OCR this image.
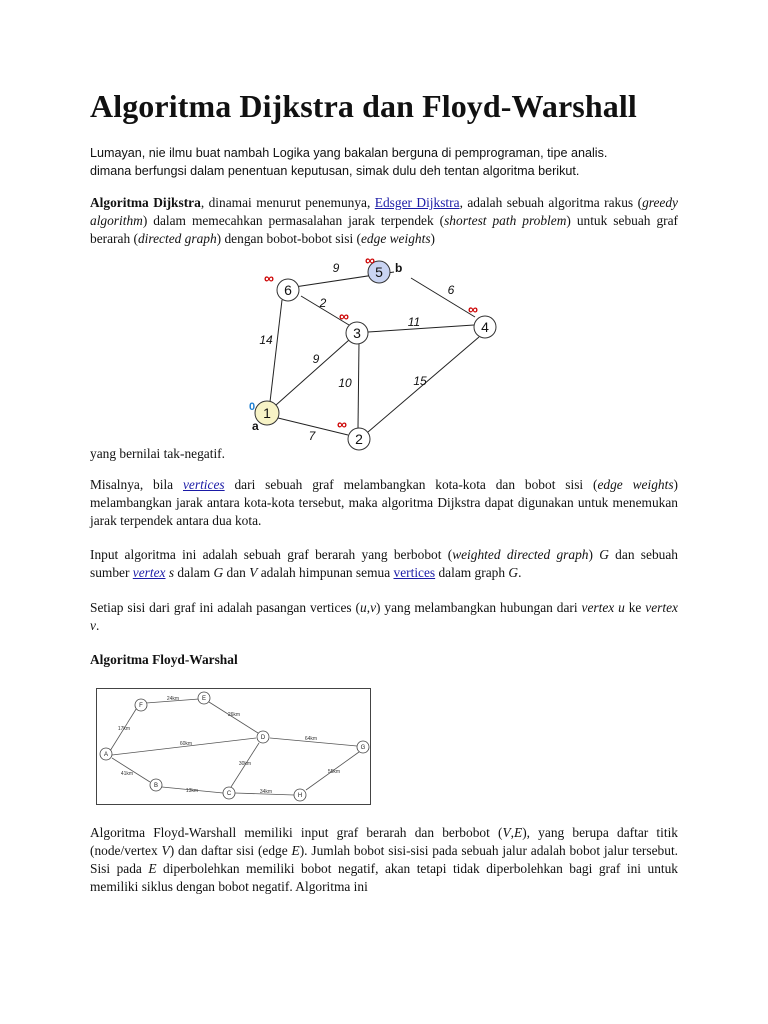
Algoritma Dijkstra dan Floyd-Warshall
Lumayan, nie ilmu buat nambah Logika yang bakalan berguna di pemprograman, tipe analis.
dimana berfungsi dalam penentuan keputusan, simak dulu deh tentan algoritma berikut.

Algoritma Dijkstra, dinamai menurut penemunya, Edsger Dijkstra, adalah sebuah algoritma rakus (greedy algorithm) dalam memecahkan permasalahan jarak terpendek (shortest path problem) untuk sebuah graf berarah (directed graph) dengan bobot-bobot sisi (edge weights)

1
2
3	4
5
6
9
6
2
11
14
9
10	15
7
∞
∞
∞	∞
∞
0
a
b

yang bernilai tak-negatif.

Misalnya, bila vertices dari sebuah graf melambangkan kota-kota dan bobot sisi (edge weights) melambangkan jarak antara kota-kota tersebut, maka algoritma Dijkstra dapat digunakan untuk menemukan jarak terpendek antara dua kota.

Input algoritma ini adalah sebuah graf berarah yang berbobot (weighted directed graph) G dan sebuah sumber vertex s dalam G dan V adalah himpunan semua vertices dalam graph G.

Setiap sisi dari graf ini adalah pasangan vertices (u,v) yang melambangkan hubungan dari vertex u ke vertex v.

Algoritma Floyd-Warshal

A
B
C
D
E
F
G
H
17km
24km
26km
60km
64km
41km
13km
30km
34km
55km

Algoritma Floyd-Warshall memiliki input graf berarah dan berbobot (V,E), yang berupa daftar titik (node/vertex V) dan daftar sisi (edge E). Jumlah bobot sisi-sisi pada sebuah jalur adalah bobot jalur tersebut. Sisi pada E diperbolehkan memiliki bobot negatif, akan tetapi tidak diperbolehkan bagi graf ini untuk memiliki siklus dengan bobot negatif. Algoritma ini
